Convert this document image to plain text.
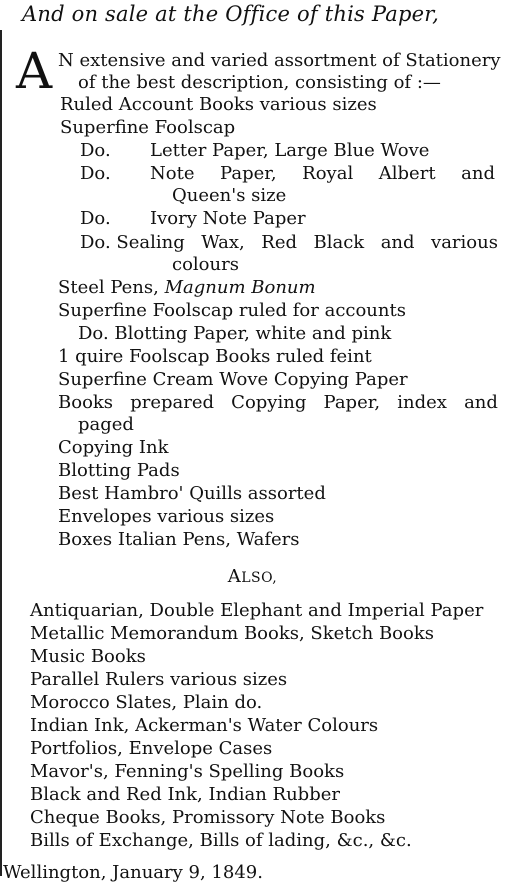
And on sale at the Office of this Paper,
A N extensive and varied assortment of Stationery
of the best description, consisting of :—
Ruled Account Books various sizes
Superfine Foolscap
Do. Letter Paper, Large Blue Wove
Do. Note Paper, Royal Albert and
Queen's size
Do. Ivory Note Paper
Do. Sealing Wax, Red Black and various
colours
Steel Pens, Magnum Bonum
Superfine Foolscap ruled for accounts
Do. Blotting Paper, white and pink
1 quire Foolscap Books ruled feint
Superfine Cream Wove Copying Paper
Books prepared Copying Paper, index and
paged
Copying Ink
Blotting Pads
Best Hambro' Quills assorted
Envelopes various sizes
Boxes Italian Pens, Wafers
ALSO,
Antiquarian, Double Elephant and Imperial Paper
Metallic Memorandum Books, Sketch Books
Music Books
Parallel Rulers various sizes
Morocco Slates, Plain do.
Indian Ink, Ackerman's Water Colours
Portfolios, Envelope Cases
Mavor's, Fenning's Spelling Books
Black and Red Ink, Indian Rubber
Cheque Books, Promissory Note Books
Bills of Exchange, Bills of lading, &c., &c.
Wellington, January 9, 1849.
